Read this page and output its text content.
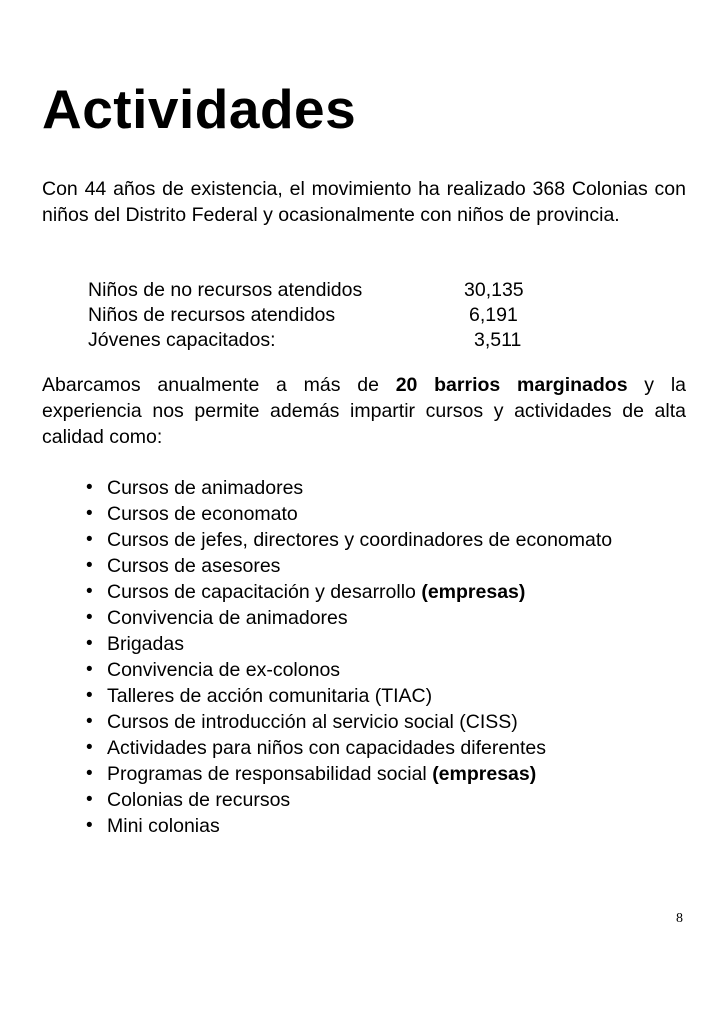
Actividades

Con 44 años de existencia, el movimiento ha realizado 368 Colonias con niños del Distrito Federal y ocasionalmente con niños de provincia.

Niños de no recursos atendidos	30,135
Niños de recursos atendidos	6,191
Jóvenes capacitados:	3,511

Abarcamos anualmente a más de 20 barrios marginados y la experiencia nos permite además impartir cursos y actividades de alta calidad como:

• Cursos de animadores
• Cursos de economato
• Cursos de jefes, directores y coordinadores de economato
• Cursos de asesores
• Cursos de capacitación y desarrollo (empresas)
• Convivencia de animadores
• Brigadas
• Convivencia de ex-colonos
• Talleres de acción comunitaria (TIAC)
• Cursos de introducción al servicio social (CISS)
• Actividades para niños con capacidades diferentes
• Programas de responsabilidad social (empresas)
• Colonias de recursos
• Mini colonias
8
